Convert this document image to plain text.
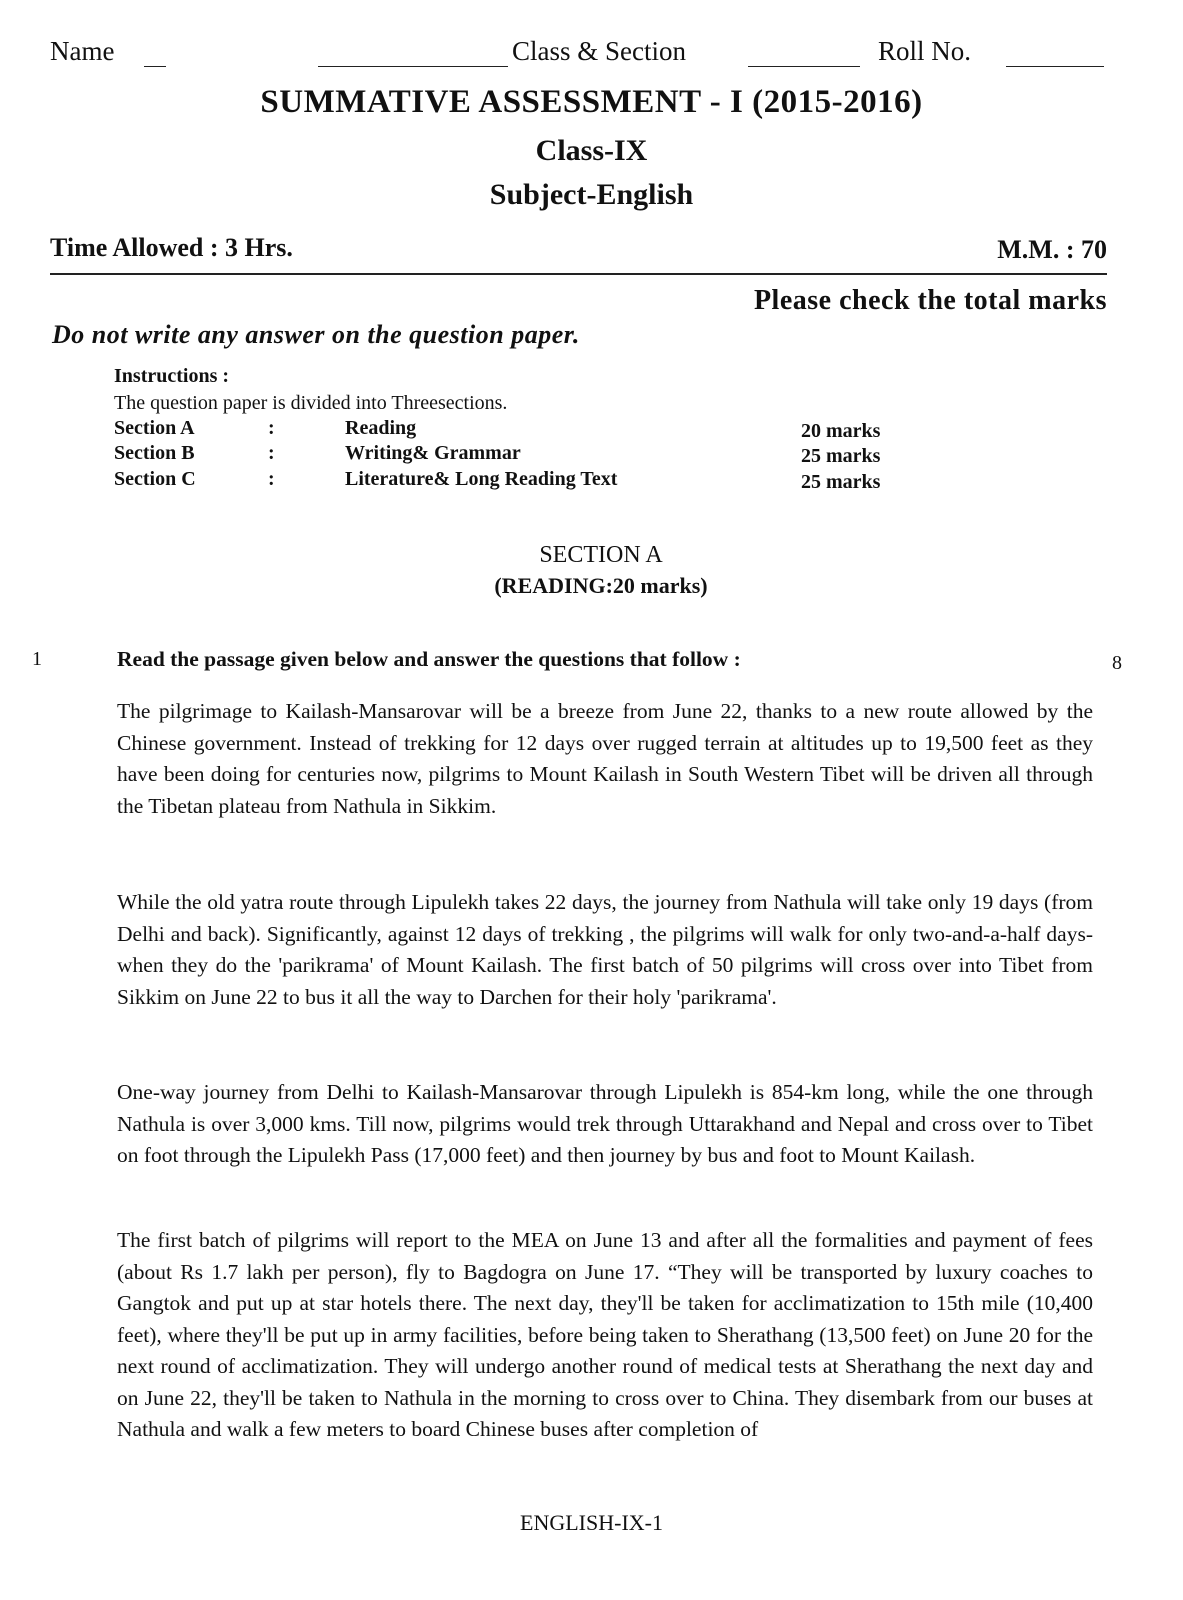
Name	Class & Section	Roll No.
SUMMATIVE ASSESSMENT - I (2015-2016)
Class-IX
Subject-English
Time Allowed : 3 Hrs.	M.M. : 70
Please check the total marks
Do not write any answer on the question paper.
Instructions :
The question paper is divided into Threesections.
Section A	:	Reading	20 marks
Section B	:	Writing& Grammar	25 marks
Section C	:	Literature& Long Reading Text	25 marks
SECTION A
(READING:20 marks)
1	Read the passage given below and answer the questions that follow :	8

The pilgrimage to Kailash-Mansarovar will be a breeze from June 22, thanks to a new route allowed by the Chinese government. Instead of trekking for 12 days over rugged terrain at altitudes up to 19,500 feet as they have been doing for centuries now, pilgrims to Mount Kailash in South Western Tibet will be driven all through the Tibetan plateau from Nathula in Sikkim.

While the old yatra route through Lipulekh takes 22 days, the journey from Nathula will take only 19 days (from Delhi and back). Significantly, against 12 days of trekking , the pilgrims will walk for only two-and-a-half days-when they do the 'parikrama' of Mount Kailash. The first batch of 50 pilgrims will cross over into Tibet from Sikkim on June 22 to bus it all the way to Darchen for their holy 'parikrama'.

One-way journey from Delhi to Kailash-Mansarovar through Lipulekh is 854-km long, while the one through Nathula is over 3,000 kms. Till now, pilgrims would trek through Uttarakhand and Nepal and cross over to Tibet on foot through the Lipulekh Pass (17,000 feet) and then journey by bus and foot to Mount Kailash.

The first batch of pilgrims will report to the MEA on June 13 and after all the formalities and payment of fees (about Rs 1.7 lakh per person), fly to Bagdogra on June 17. “They will be transported by luxury coaches to Gangtok and put up at star hotels there. The next day, they'll be taken for acclimatization to 15th mile (10,400 feet), where they'll be put up in army facilities, before being taken to Sherathang (13,500 feet) on June 20 for the next round of acclimatization. They will undergo another round of medical tests at Sherathang the next day and on June 22, they'll be taken to Nathula in the morning to cross over to China. They disembark from our buses at Nathula and walk a few meters to board Chinese buses after completion of

ENGLISH-IX-1
